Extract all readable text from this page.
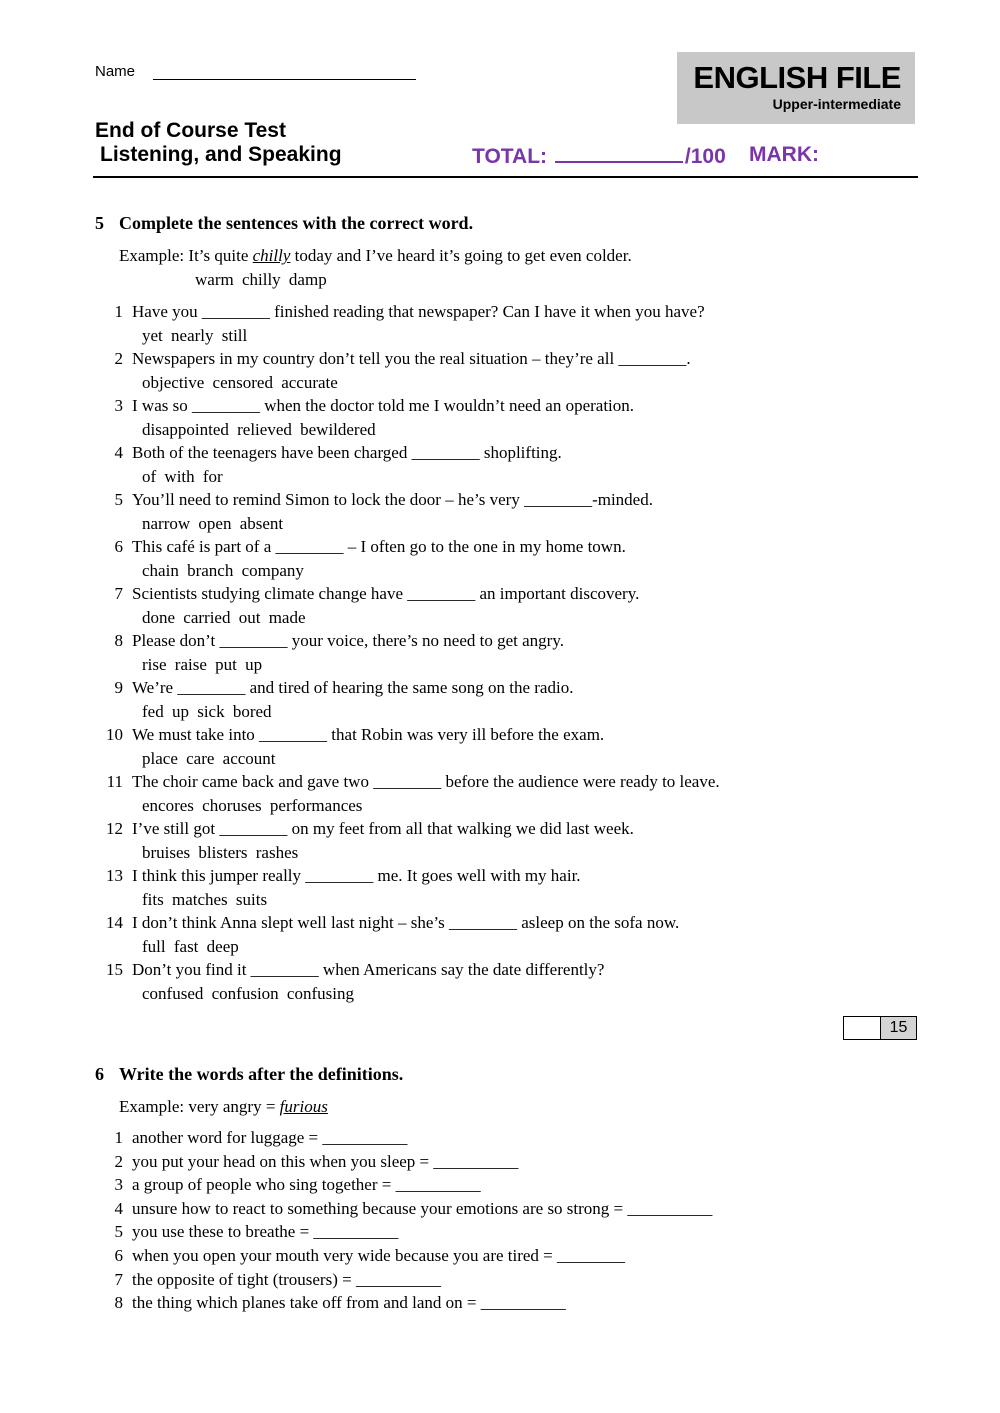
Name	ENGLISH FILE
Upper-intermediate
End of Course Test
Listening, and Speaking	TOTAL:	/100 MARK:
5 Complete the sentences with the correct word.
Example: It’s quite chilly today and I’ve heard it’s going to get even colder.
warm chilly damp
1 Have you ________ finished reading that newspaper? Can I have it when you have?
yet nearly still
2 Newspapers in my country don’t tell you the real situation – they’re all ________.
objective censored accurate
3 I was so ________ when the doctor told me I wouldn’t need an operation.
disappointed relieved bewildered
4 Both of the teenagers have been charged ________ shoplifting.
of with for
5 You’ll need to remind Simon to lock the door – he’s very ________-minded.
narrow open absent
6 This café is part of a ________ – I often go to the one in my home town.
chain branch company
7 Scientists studying climate change have ________ an important discovery.
done carried out made
8 Please don’t ________ your voice, there’s no need to get angry.
rise raise put up
9 We’re ________ and tired of hearing the same song on the radio.
fed up sick bored
10 We must take into ________ that Robin was very ill before the exam.
place care account
11 The choir came back and gave two ________ before the audience were ready to leave.
encores choruses performances
12 I’ve still got ________ on my feet from all that walking we did last week.
bruises blisters rashes
13 I think this jumper really ________ me. It goes well with my hair.
fits matches suits
14 I don’t think Anna slept well last night – she’s ________ asleep on the sofa now.
full fast deep
15 Don’t you find it ________ when Americans say the date differently?
confused confusion confusing
15
6 Write the words after the definitions.
Example: very angry = furious
1 another word for luggage = __________
2 you put your head on this when you sleep = __________
3 a group of people who sing together = __________
4 unsure how to react to something because your emotions are so strong = __________
5 you use these to breathe = __________
6 when you open your mouth very wide because you are tired = ________
7 the opposite of tight (trousers) = __________
8 the thing which planes take off from and land on = __________
